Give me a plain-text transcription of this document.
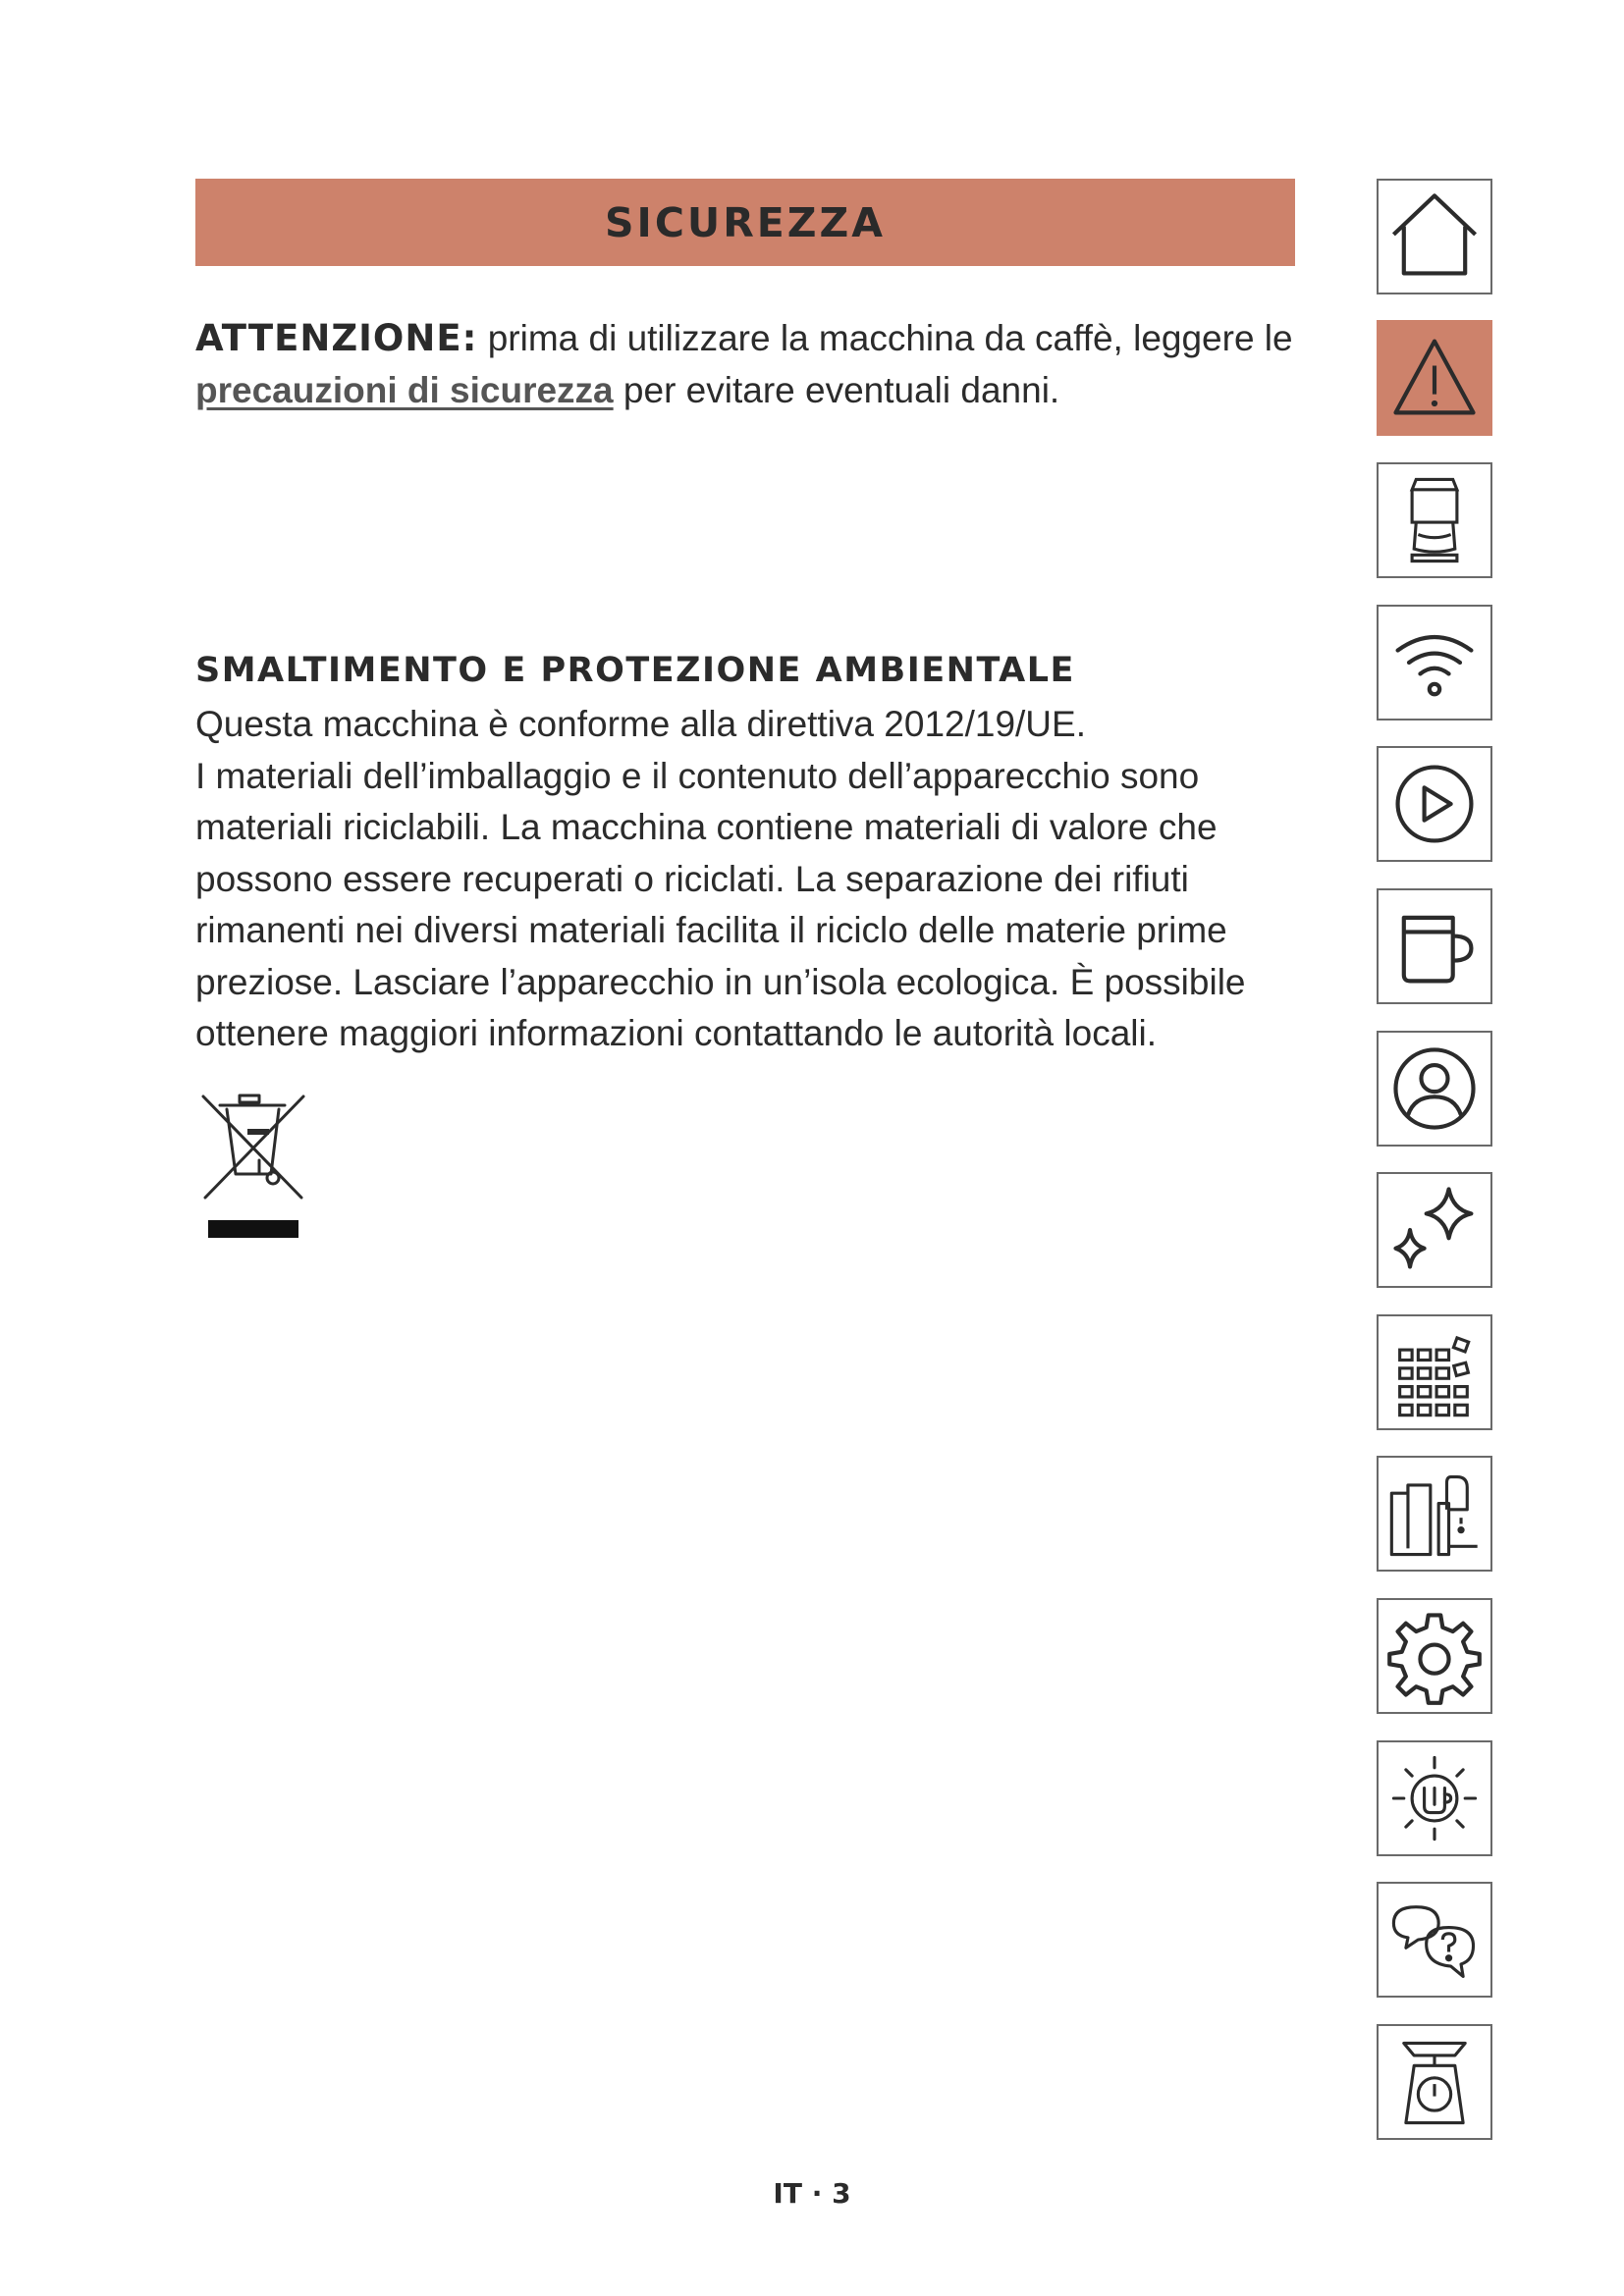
SICUREZZA
ATTENZIONE: prima di utilizzare la macchina da caffè, leggere le precauzioni di sicurezza per evitare eventuali danni.
SMALTIMENTO E PROTEZIONE AMBIENTALE

Questa macchina è conforme alla direttiva 2012/19/UE.

I materiali dell’imballaggio e il contenuto dell’apparecchio sono materiali riciclabili. La macchina contiene materiali di valore che possono essere recuperati o riciclati. La separazione dei rifiuti rimanenti nei diversi materiali facilita il riciclo delle materie prime preziose. Lasciare l’apparecchio in un’isola ecologica. È possibile ottenere maggiori informazioni contattando le autorità locali.

IT · 3
